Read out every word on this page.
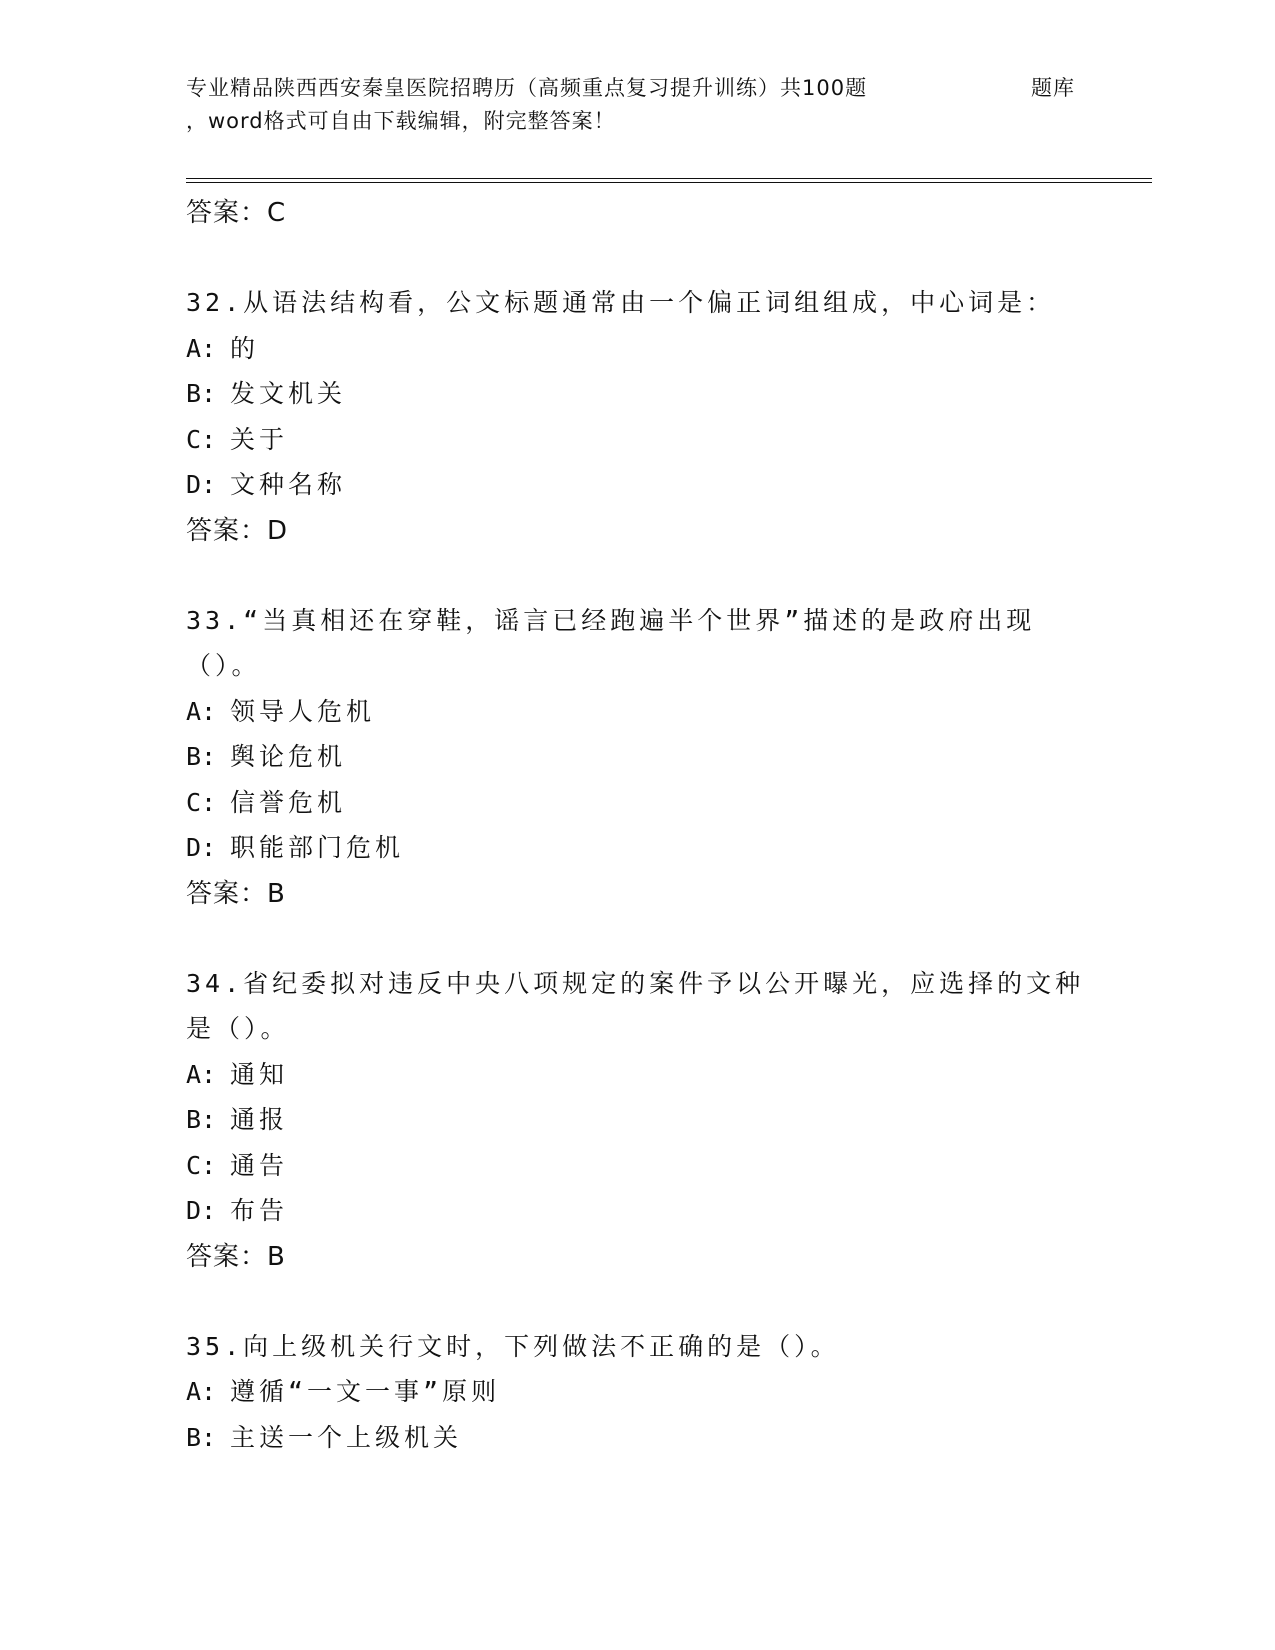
专业精品陕西西安秦皇医院招聘历（高频重点复习提升训练）共100题	题库
，word格式可自由下载编辑，附完整答案！
答案：C
32.从语法结构看，公文标题通常由一个偏正词组组成，中心词是：
A: 的
B: 发文机关
C: 关于
D: 文种名称
答案：D
33.“当真相还在穿鞋，谣言已经跑遍半个世界”描述的是政府出现（）。
A: 领导人危机
B: 舆论危机
C: 信誉危机
D: 职能部门危机
答案：B
34.省纪委拟对违反中央八项规定的案件予以公开曝光，应选择的文种是（）。
A: 通知
B: 通报
C: 通告
D: 布告
答案：B
35.向上级机关行文时，下列做法不正确的是（）。
A: 遵循“一文一事”原则
B: 主送一个上级机关
